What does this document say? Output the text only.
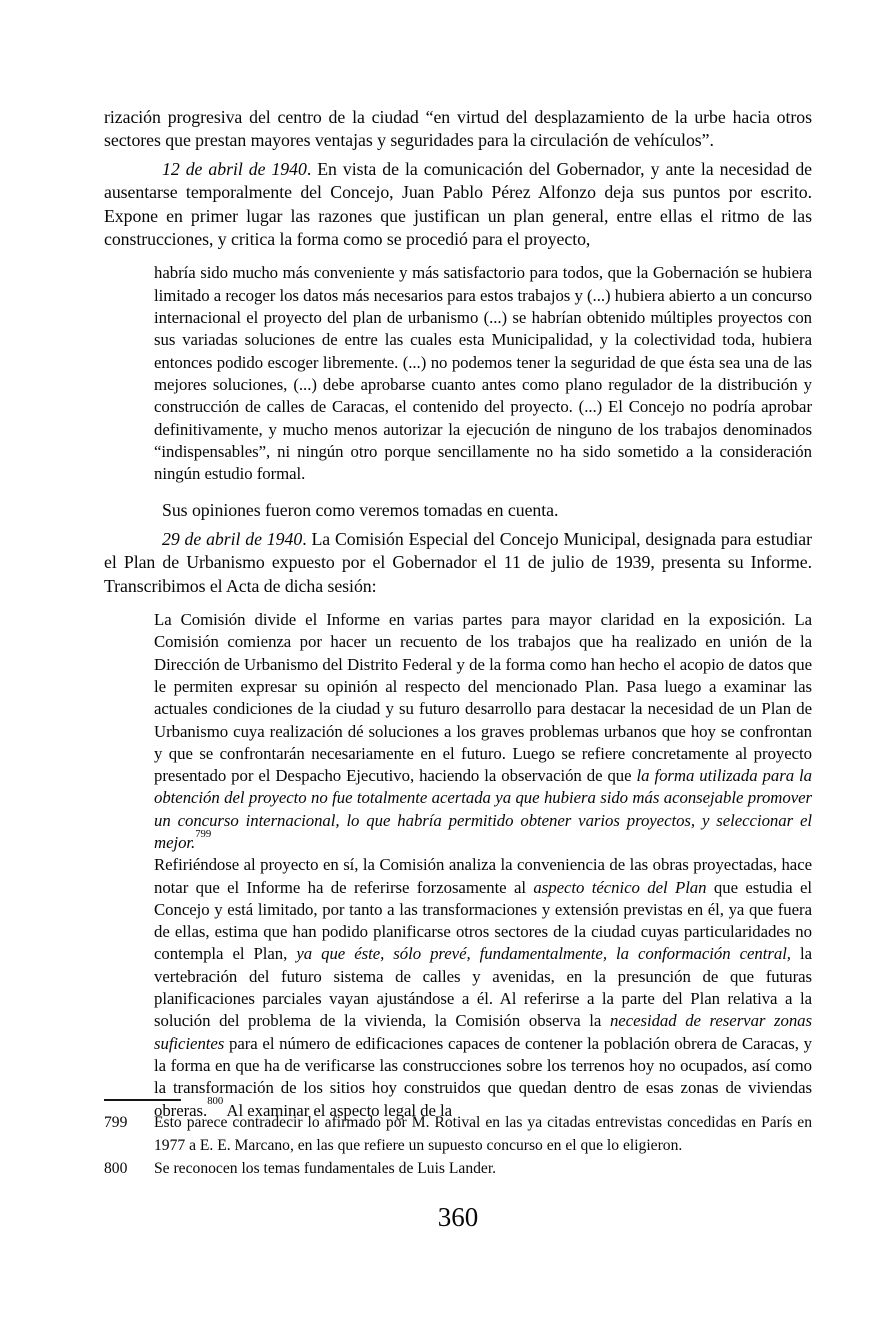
rización progresiva del centro de la ciudad “en virtud del desplazamiento de la urbe hacia otros sectores que prestan mayores ventajas y seguridades para la circulación de vehículos”.

12 de abril de 1940. En vista de la comunicación del Gobernador, y ante la necesidad de ausentarse temporalmente del Concejo, Juan Pablo Pérez Alfonzo deja sus puntos por escrito. Expone en primer lugar las razones que justifican un plan general, entre ellas el ritmo de las construcciones, y critica la forma como se procedió para el proyecto,

habría sido mucho más conveniente y más satisfactorio para todos, que la Gobernación se hubiera limitado a recoger los datos más necesarios para estos trabajos y (...) hubiera abierto a un concurso internacional el proyecto del plan de urbanismo (...) se habrían obtenido múltiples proyectos con sus variadas soluciones de entre las cuales esta Municipalidad, y la colectividad toda, hubiera entonces podido escoger libremente. (...) no podemos tener la seguridad de que ésta sea una de las mejores soluciones, (...) debe aprobarse cuanto antes como plano regulador de la distribución y construcción de calles de Caracas, el contenido del proyecto. (...) El Concejo no podría aprobar definitivamente, y mucho menos autorizar la ejecución de ninguno de los trabajos denominados “indispensables”, ni ningún otro porque sencillamente no ha sido sometido a la consideración ningún estudio formal.

Sus opiniones fueron como veremos tomadas en cuenta.

29 de abril de 1940. La Comisión Especial del Concejo Municipal, designada para estudiar el Plan de Urbanismo expuesto por el Gobernador el 11 de julio de 1939, presenta su Informe. Transcribimos el Acta de dicha sesión:

La Comisión divide el Informe en varias partes para mayor claridad en la exposición. La Comisión comienza por hacer un recuento de los trabajos que ha realizado en unión de la Dirección de Urbanismo del Distrito Federal y de la forma como han hecho el acopio de datos que le permiten expresar su opinión al respecto del mencionado Plan. Pasa luego a examinar las actuales condiciones de la ciudad y su futuro desarrollo para destacar la necesidad de un Plan de Urbanismo cuya realización dé soluciones a los graves problemas urbanos que hoy se confrontan y que se confrontarán necesariamente en el futuro. Luego se refiere concretamente al proyecto presentado por el Despacho Ejecutivo, haciendo la observación de que la forma utilizada para la obtención del proyecto no fue totalmente acertada ya que hubiera sido más aconsejable promover un concurso internacional, lo que habría permitido obtener varios proyectos, y seleccionar el mejor.$^{799}$

Refiriéndose al proyecto en sí, la Comisión analiza la conveniencia de las obras proyectadas, hace notar que el Informe ha de referirse forzosamente al aspecto técnico del Plan que estudia el Concejo y está limitado, por tanto a las transformaciones y extensión previstas en él, ya que fuera de ellas, estima que han podido planificarse otros sectores de la ciudad cuyas particularidades no contempla el Plan, ya que éste, sólo prevé, fundamentalmente, la conformación central, la vertebración del futuro sistema de calles y avenidas, en la presunción de que futuras planificaciones parciales vayan ajustándose a él. Al referirse a la parte del Plan relativa a la solución del problema de la vivienda, la Comisión observa la necesidad de reservar zonas suficientes para el número de edificaciones capaces de contener la población obrera de Caracas, y la forma en que ha de verificarse las construcciones sobre los terrenos hoy no ocupados, así como la transformación de los sitios hoy construidos que quedan dentro de esas zonas de viviendas obreras.$^{800}$ Al examinar el aspecto legal de la

799	Esto parece contradecir lo afirmado por M. Rotival en las ya citadas entrevistas concedidas en París en 1977 a E. E. Marcano, en las que refiere un supuesto concurso en el que lo eligieron.
800	Se reconocen los temas fundamentales de Luis Lander.
360
